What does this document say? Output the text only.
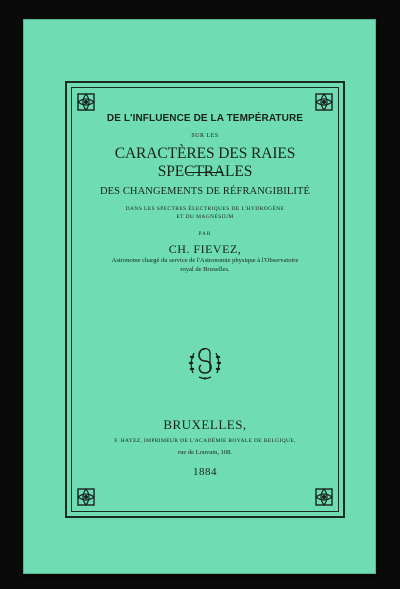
DE L'INFLUENCE DE LA TEMPÉRATURE
SUR LES
CARACTÈRES DES RAIES SPECTRALES
DES CHANGEMENTS DE RÉFRANGIBILITÉ
DANS LES SPECTRES ÉLECTRIQUES DE L'HYDROGÈNE
ET DU MAGNÉSIUM
PAR
CH. FIEVEZ,
Astronome chargé du service de l'Astronomie physique à l'Observatoire
royal de Bruxelles.
BRUXELLES,
F. HAYEZ, IMPRIMEUR DE L'ACADÉMIE ROYALE DE BELGIQUE,
rue de Louvain, 108.
1884
